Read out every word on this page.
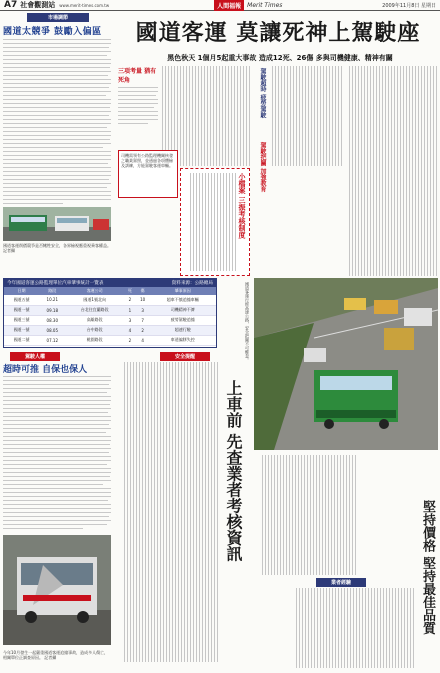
A7 社會觀測站 www.merit-times.com.tw	人間福報	Merit Times	2009年11月8日 星期日
市場調節
國道太競爭 鼓勵入偏區
國道客運削價競爭是否犧牲安全，各界檢視應重視乘客權益。 記者攝
國道客運 莫讓死神上駕駛座
黑色秋天 1個月5起重大事故 造成12死、26傷 多與司機健康、精神有關
三項考量 猶有死角	駕駛超時 疲勞駕駛
駕駛把關 加強教育
司機需領有公路監理機關核發之職業駕照，並通過各項體檢及訓練，方能駕駛客運車輛。
小檔案 三振考核制度
國道客運行經高速公路，安全把關不可輕忽。
今年國道客運公路監理單位汽車肇事統計一覽表	資料來源：公路總局
日期	路段	客運公司	死	傷	肇事原因
國道五號	10.21	國道1號北向	2	10	超車不慎追撞車輛
國道一號	09.18	台北往宜蘭路段	1	3	司機精神不濟
國道三號	08.30	高雄路段	3	7	疲勞駕駛追撞
國道一號	08.05	台中路段	4	2	超速行駛
國道二號	07.12	桃園路段	2	4	車道偏移失控
駕駛人權
超時可推 自保也保人
今年10月發生一起嚴重國道客運追撞事故，造成多人傷亡，相關單位正調查原因。 記者攝
安全提醒
上車前 先查業者考核資訊
業者經驗	堅持價格 堅持最佳品質
